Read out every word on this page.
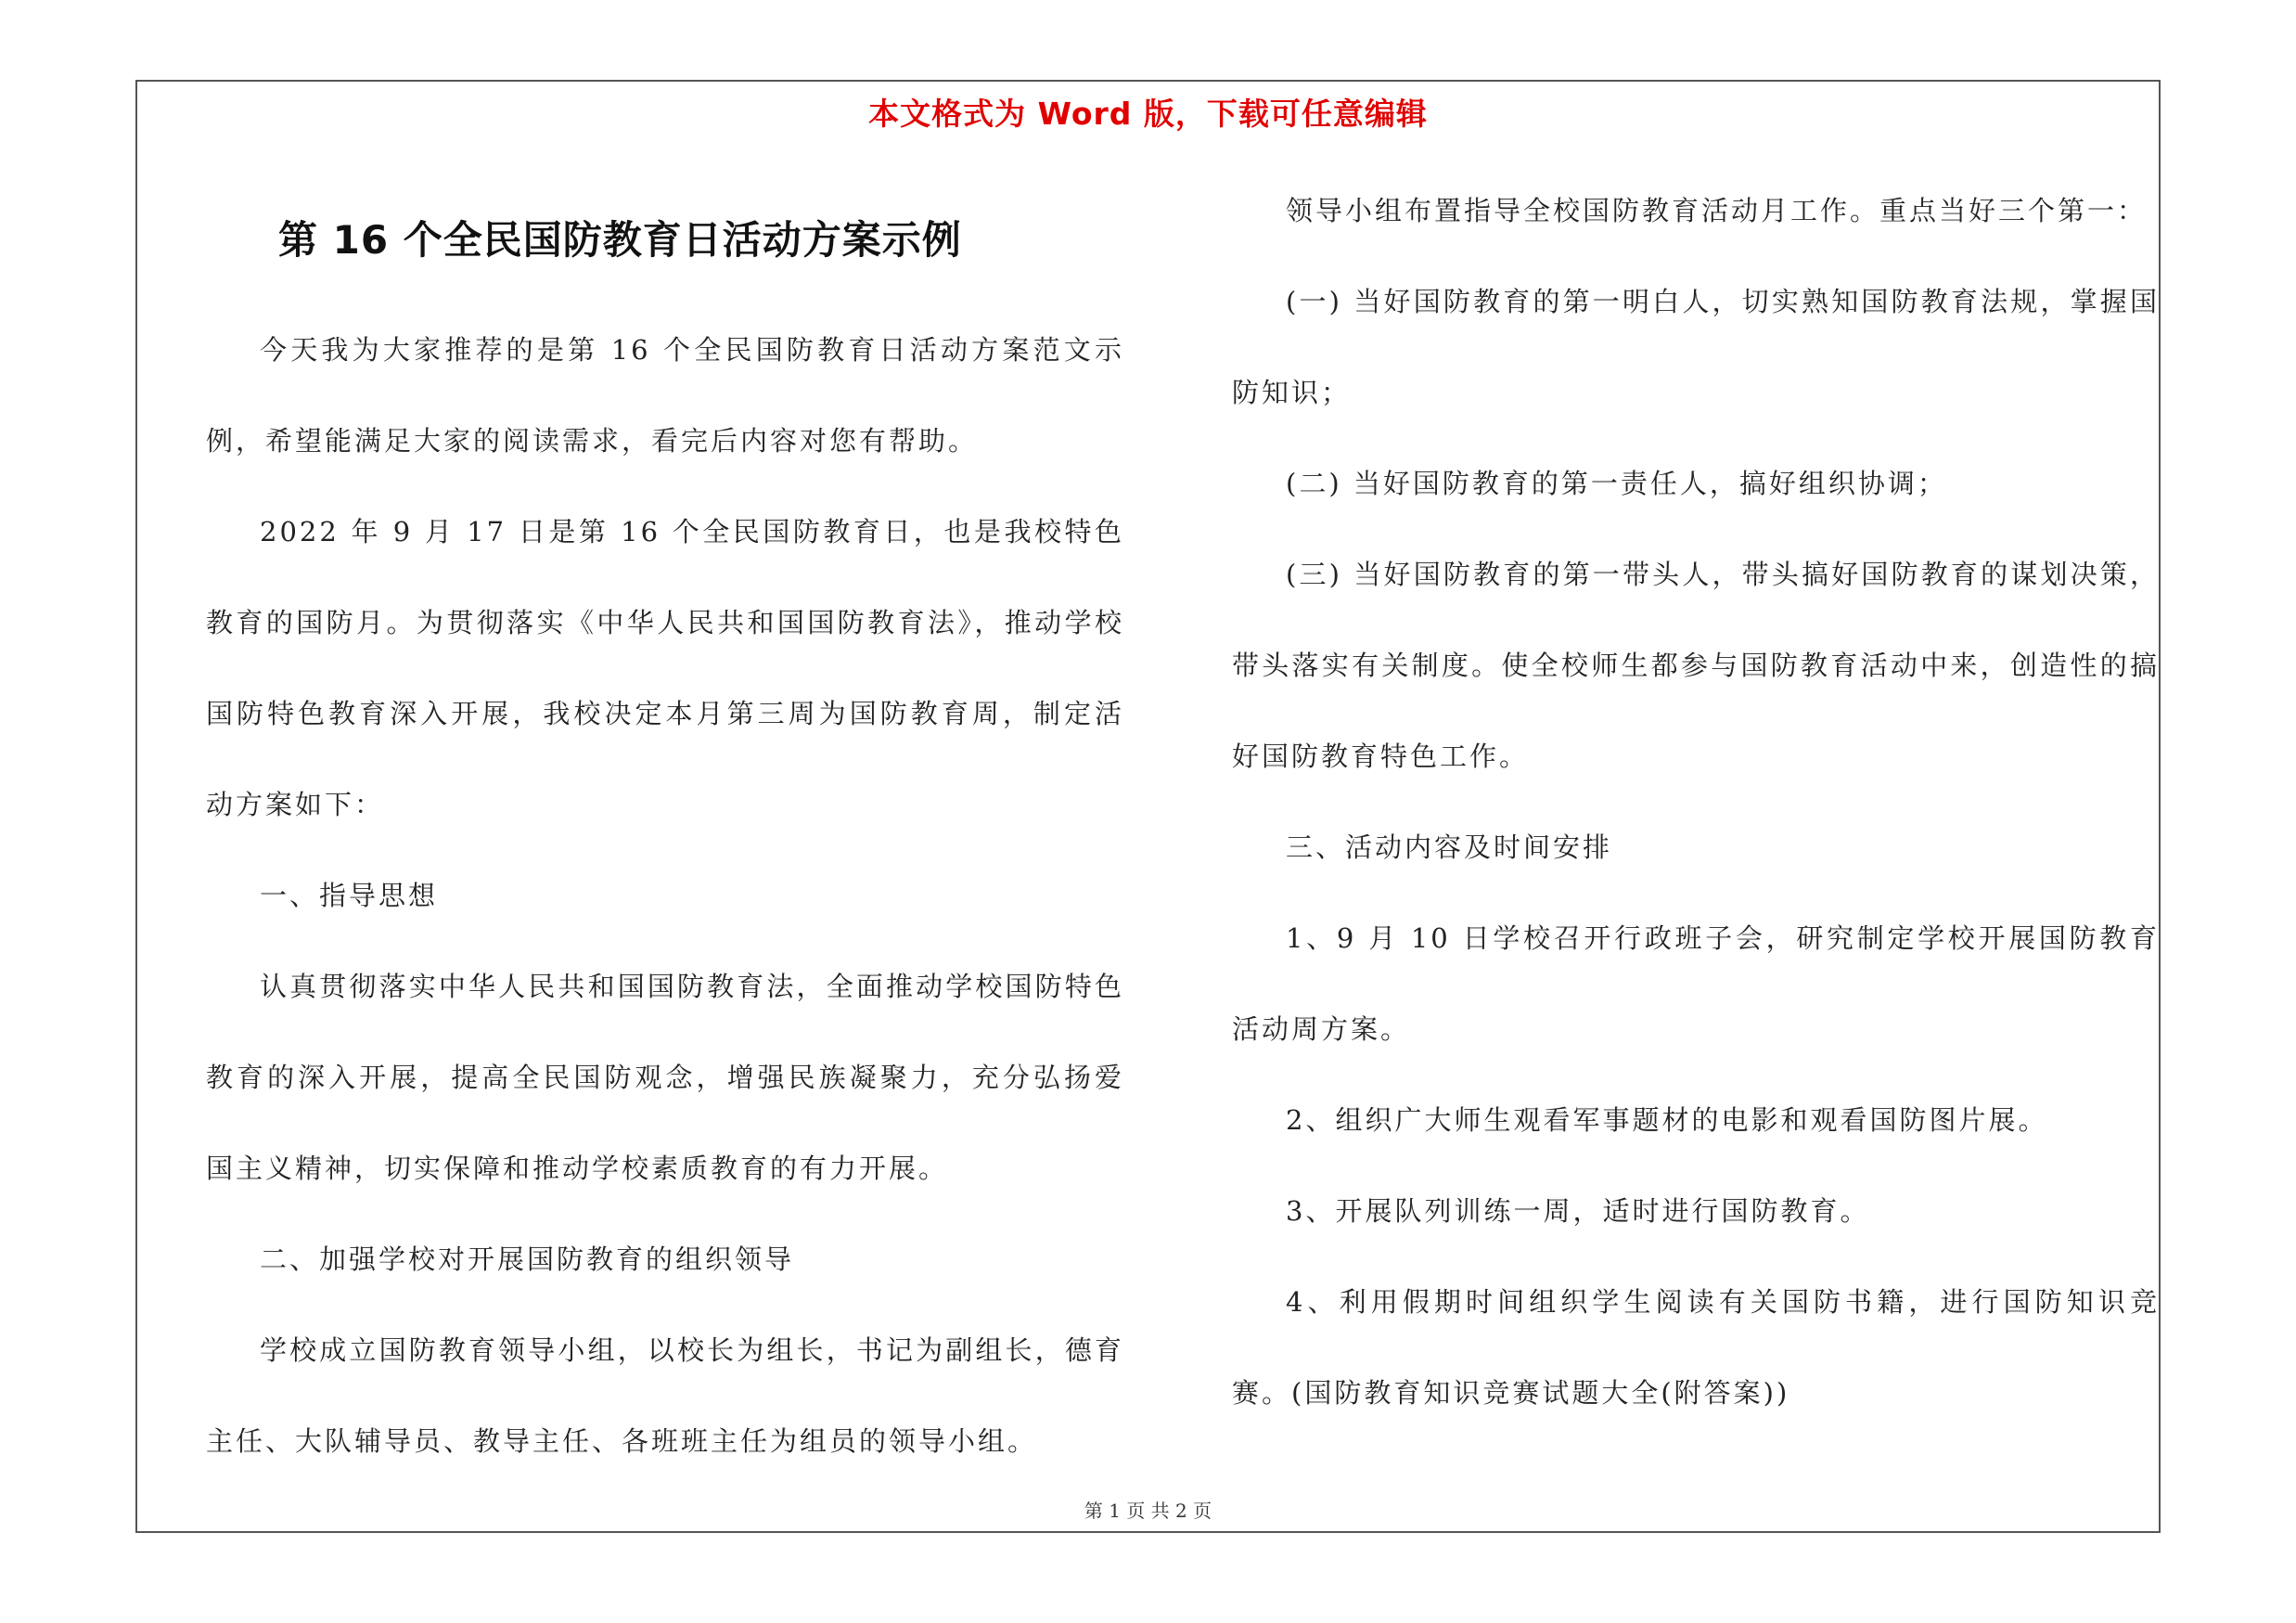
本文格式为 Word 版，下载可任意编辑
第 16 个全民国防教育日活动方案示例

今天我为大家推荐的是第 16 个全民国防教育日活动方案范文示例，希望能满足大家的阅读需求，看完后内容对您有帮助。

2022 年 9 月 17 日是第 16 个全民国防教育日，也是我校特色教育的国防月。为贯彻落实《中华人民共和国国防教育法》，推动学校国防特色教育深入开展，我校决定本月第三周为国防教育周，制定活动方案如下：

一、指导思想

认真贯彻落实中华人民共和国国防教育法，全面推动学校国防特色教育的深入开展，提高全民国防观念，增强民族凝聚力，充分弘扬爱国主义精神，切实保障和推动学校素质教育的有力开展。

二、加强学校对开展国防教育的组织领导

学校成立国防教育领导小组，以校长为组长，书记为副组长，德育主任、大队辅导员、教导主任、各班班主任为组员的领导小组。

领导小组布置指导全校国防教育活动月工作。重点当好三个第一：

(一) 当好国防教育的第一明白人，切实熟知国防教育法规，掌握国防知识；

(二) 当好国防教育的第一责任人，搞好组织协调；

(三) 当好国防教育的第一带头人，带头搞好国防教育的谋划决策，带头落实有关制度。使全校师生都参与国防教育活动中来，创造性的搞好国防教育特色工作。

三、活动内容及时间安排

1、9 月 10 日学校召开行政班子会，研究制定学校开展国防教育活动周方案。

2、组织广大师生观看军事题材的电影和观看国防图片展。

3、开展队列训练一周，适时进行国防教育。

4、利用假期时间组织学生阅读有关国防书籍，进行国防知识竞赛。(国防教育知识竞赛试题大全(附答案))

第 1 页 共 2 页
